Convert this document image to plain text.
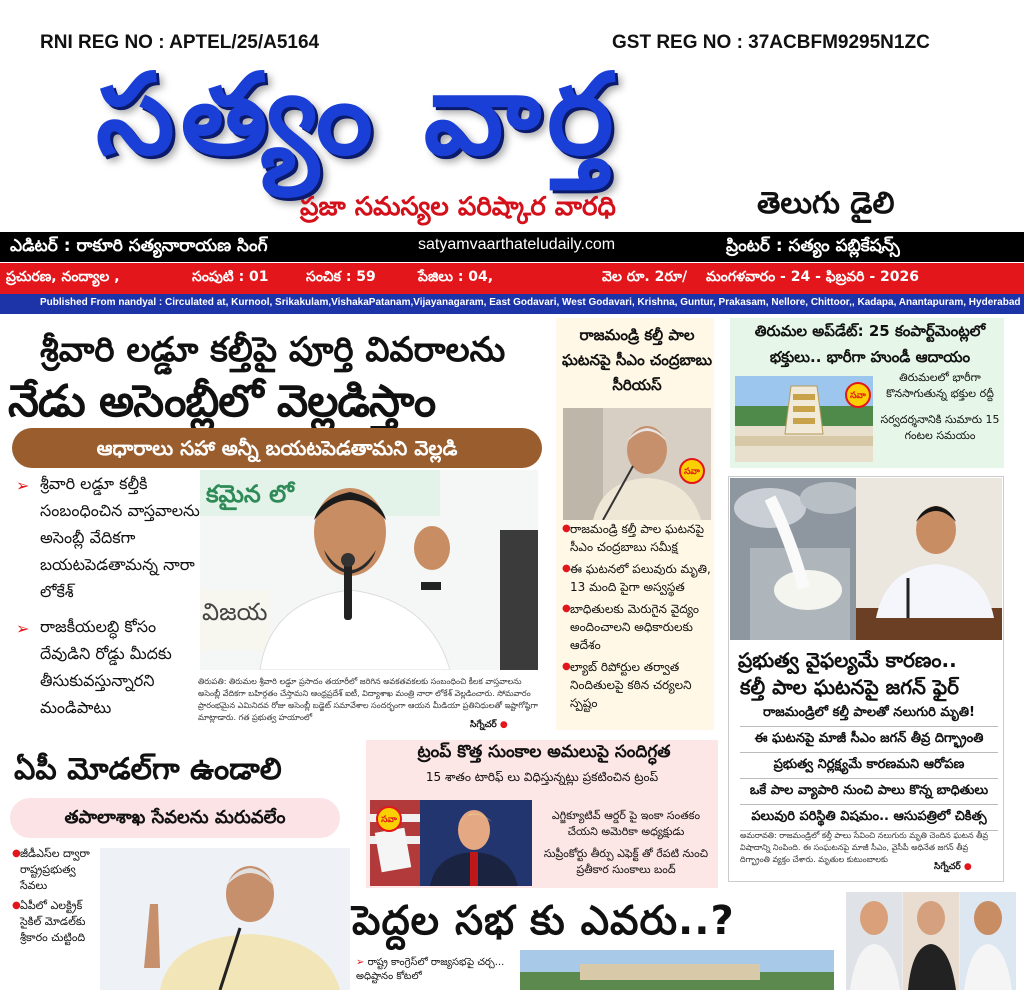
RNI REG NO : APTEL/25/A5164	GST REG NO : 37ACBFM9295N1ZC
సత్యం వార్త
ప్రజా సమస్యల పరిష్కార వారధి	తెలుగు డైలి
ఎడిటర్ : రాకూరి సత్యనారాయణ సింగ్	satyamvaarthateludaily.com	ప్రింటర్ : సత్యం పబ్లికేషన్స్
ప్రచురణ, నంద్యాల ,	సంపుటి : 01	సంచిక : 59	పేజిలు : 04,	వెల రూ. 2రూ/ మంగళవారం - 24 - ఫిబ్రవరి - 2026
Published From nandyal : Circulated at, Kurnool, Srikakulam,VishakaPatanam,Vijayanagaram, East Godavari, West Godavari, Krishna, Guntur, Prakasam, Nellore, Chittoor,, Kadapa, Anantapuram, Hyderabad
శ్రీవారి లడ్డూ కల్తీపై పూర్తి వివరాలను
నేడు అసెంబ్లీలో వెల్లడిస్తాం
ఆధారాలు సహా అన్నీ బయటపెడతామని వెల్లడి
➢ శ్రీవారి లడ్డూ కల్తీకి సంబంధించిన వాస్తవాలను అసెంబ్లీ వేదికగా బయటపెడతామన్న నారా లోకేశ్
➢ రాజకీయలబ్ధి కోసం దేవుడిని రోడ్డు మీదకు తీసుకువస్తున్నారని మండిపాటు
కమైన లో
విజయ
తిరుపతి: తిరుమల శ్రీవారి లడ్డూ ప్రసాదం తయారీలో జరిగిన అవకతవకలకు సంబంధించి కీలక వాస్తవాలను అసెంబ్లీ వేదికగా బహిర్గతం చేస్తామని ఆంధ్రప్రదేశ్ ఐటీ, విద్యాశాఖ మంత్రి నారా లోకేశ్ వెల్లడించారు. సోమవారం ప్రారంభమైన ఎమినిదవ రోజు అసెంబ్లీ బడ్జెట్ సమావేశాల సందర్భంగా ఆయన మీడియా ప్రతినిధులతో ఇష్టాగోష్ఠిగా మాట్లాడారు. గత ప్రభుత్వ హయాంలో
సిగ్నేచర్ ●
రాజమండ్రి కల్తీ పాల ఘటనపై సీఎం చంద్రబాబు సీరియస్
సవా
● రాజమండ్రి కల్తీ పాల ఘటనపై సీఎం చంద్రబాబు సమీక్ష
● ఈ ఘటనలో పలువురు మృతి, 13 మంది పైగా అస్వస్థత
● బాధితులకు మెరుగైన వైద్యం అందించాలని అధికారులకు ఆదేశం
● ల్యాబ్ రిపోర్టుల తర్వాత నిందితులపై కఠిన చర్యలని స్పష్టం
తిరుమల అప్‌డేట్: 25 కంపార్ట్‌మెంట్లలో భక్తులు.. భారీగా హుండీ ఆదాయం
సవా
తిరుమలలో భారీగా కొనసాగుతున్న భక్తుల రద్దీ
సర్వదర్శనానికి సుమారు 15 గంటల సమయం
ప్రభుత్వ వైఫల్యమే కారణం..
కల్తీ పాల ఘటనపై జగన్ ఫైర్
రాజమండ్రిలో కల్తీ పాలతో నలుగురి మృతి!
ఈ ఘటనపై మాజీ సీఎం జగన్ తీవ్ర దిగ్భ్రాంతి
ప్రభుత్వ నిర్లక్ష్యమే కారణమని ఆరోపణ
ఒకే పాల వ్యాపారి నుంచి పాలు కొన్న బాధితులు
పలువురి పరిస్థితి విషమం.. ఆసుపత్రిలో చికిత్స
అమరావతి: రాజమండ్రిలో కల్తీ పాలు సేవించి నలుగురు మృతి చెందిన ఘటన తీవ్ర విషాదాన్ని నింపింది. ఈ సంఘటనపై మాజీ సీఎం, వైసీపీ అధినేత జగన్ తీవ్ర దిగ్భ్రాంతి వ్యక్తం చేశారు. మృతుల కుటుంబాలకు
సిగ్నేచర్ ●
ఏపీ మోడల్‌గా ఉండాలి
తపాలాశాఖ సేవలను మరువలేం
● జీడీఎస్‌ల ద్వారా రాష్ట్రప్రభుత్వ సేవలు
● ఏపీలో ఎలక్ట్రిక్ సైకిల్ మోడల్‌కు శ్రీకారం చుట్టింది
ట్రంప్ కొత్త సుంకాల అమలుపై సందిగ్ధత
15 శాతం టారిఫ్ లు విధిస్తున్నట్లు ప్రకటించిన ట్రంప్
సవా	ఎగ్జిక్యూటివ్ ఆర్డర్ పై ఇంకా సంతకం చేయని అమెరికా అధ్యక్షుడు
సుప్రీంకోర్టు తీర్పు ఎఫెక్ట్ తో రేపటి నుంచి ప్రతీకార సుంకాలు బంద్
పెద్దల సభ కు ఎవరు..?
➢ రాష్ట్ర కాంగ్రెస్‌లో రాజ్యసభపై చర్చ... అధిష్టానం కోటలో
